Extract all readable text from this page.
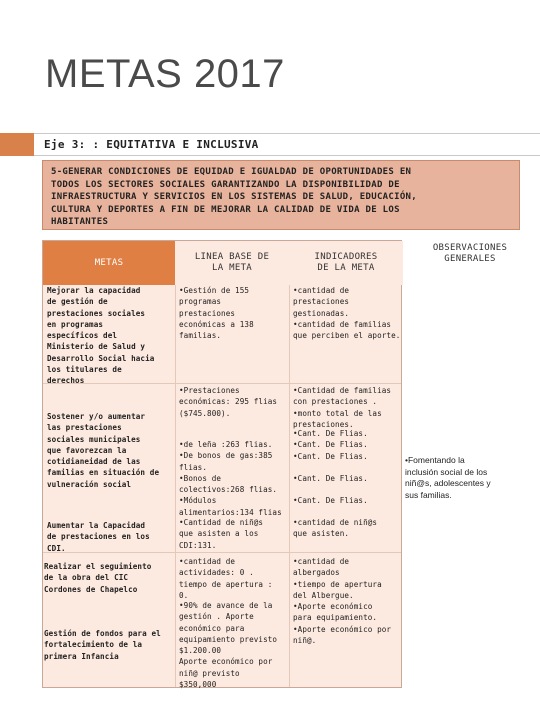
METAS 2017
Eje 3: : EQUITATIVA E INCLUSIVA
5-GENERAR CONDICIONES DE EQUIDAD E IGUALDAD DE OPORTUNIDADES EN
TODOS LOS SECTORES SOCIALES GARANTIZANDO LA DISPONIBILIDAD DE
INFRAESTRUCTURA Y SERVICIOS EN LOS SISTEMAS DE SALUD, EDUCACIÓN,
CULTURA Y DEPORTES A FIN DE MEJORAR LA CALIDAD DE VIDA DE LOS
HABITANTES
METAS
LINEA BASE DE
LA META
INDICADORES
DE LA META
Mejorar la capacidad
de gestión de
prestaciones sociales
en programas
específicos del
Ministerio de Salud y
Desarrollo Social hacia
los titulares de
derechos
Sostener y/o aumentar
las prestaciones
sociales municipales
que favorezcan la
cotidianeidad de las
familias en situación de
vulneración social
Aumentar la Capacidad
de prestaciones en los
CDI.
Realizar el seguimiento
de la obra del CIC
Cordones de Chapelco
Gestión de fondos para el
fortalecimiento de la
primera Infancia
•Gestión de 155
programas
prestaciones
económicas a 138
familias.
•Prestaciones
económicas: 295 flias
($745.800).
•de leña :263 flias.
•De bonos de gas:385
flias.
•Bonos de
colectivos:268 flias.
•Módulos
alimentarios:134 flias
•Cantidad de niñ@s
que asisten a los
CDI:131.
•cantidad de
actividades: 0 .
tiempo de apertura :
0.
•90% de avance de la
gestión . Aporte
económico para
equipamiento previsto
$1.200.00
Aporte económico por
niñ@ previsto
$350,000
•cantidad de
prestaciones
gestionadas.
•cantidad de familias
que perciben el aporte.
•Cantidad de familias
con prestaciones .
•monto total de las
prestaciones.
•Cant. De Flias.
•Cant. De Flias.
•Cant. De Flias.
•Cant. De Flias.
•Cant. De Flias.
•cantidad de niñ@s
que asisten.
•cantidad de
albergados
•tiempo de apertura
del Albergue.
•Aporte económico
para equipamiento.
•Aporte económico por
niñ@.
OBSERVACIONES
GENERALES
•Fomentando la
inclusión social de los
niñ@s, adolescentes y
sus familias.
